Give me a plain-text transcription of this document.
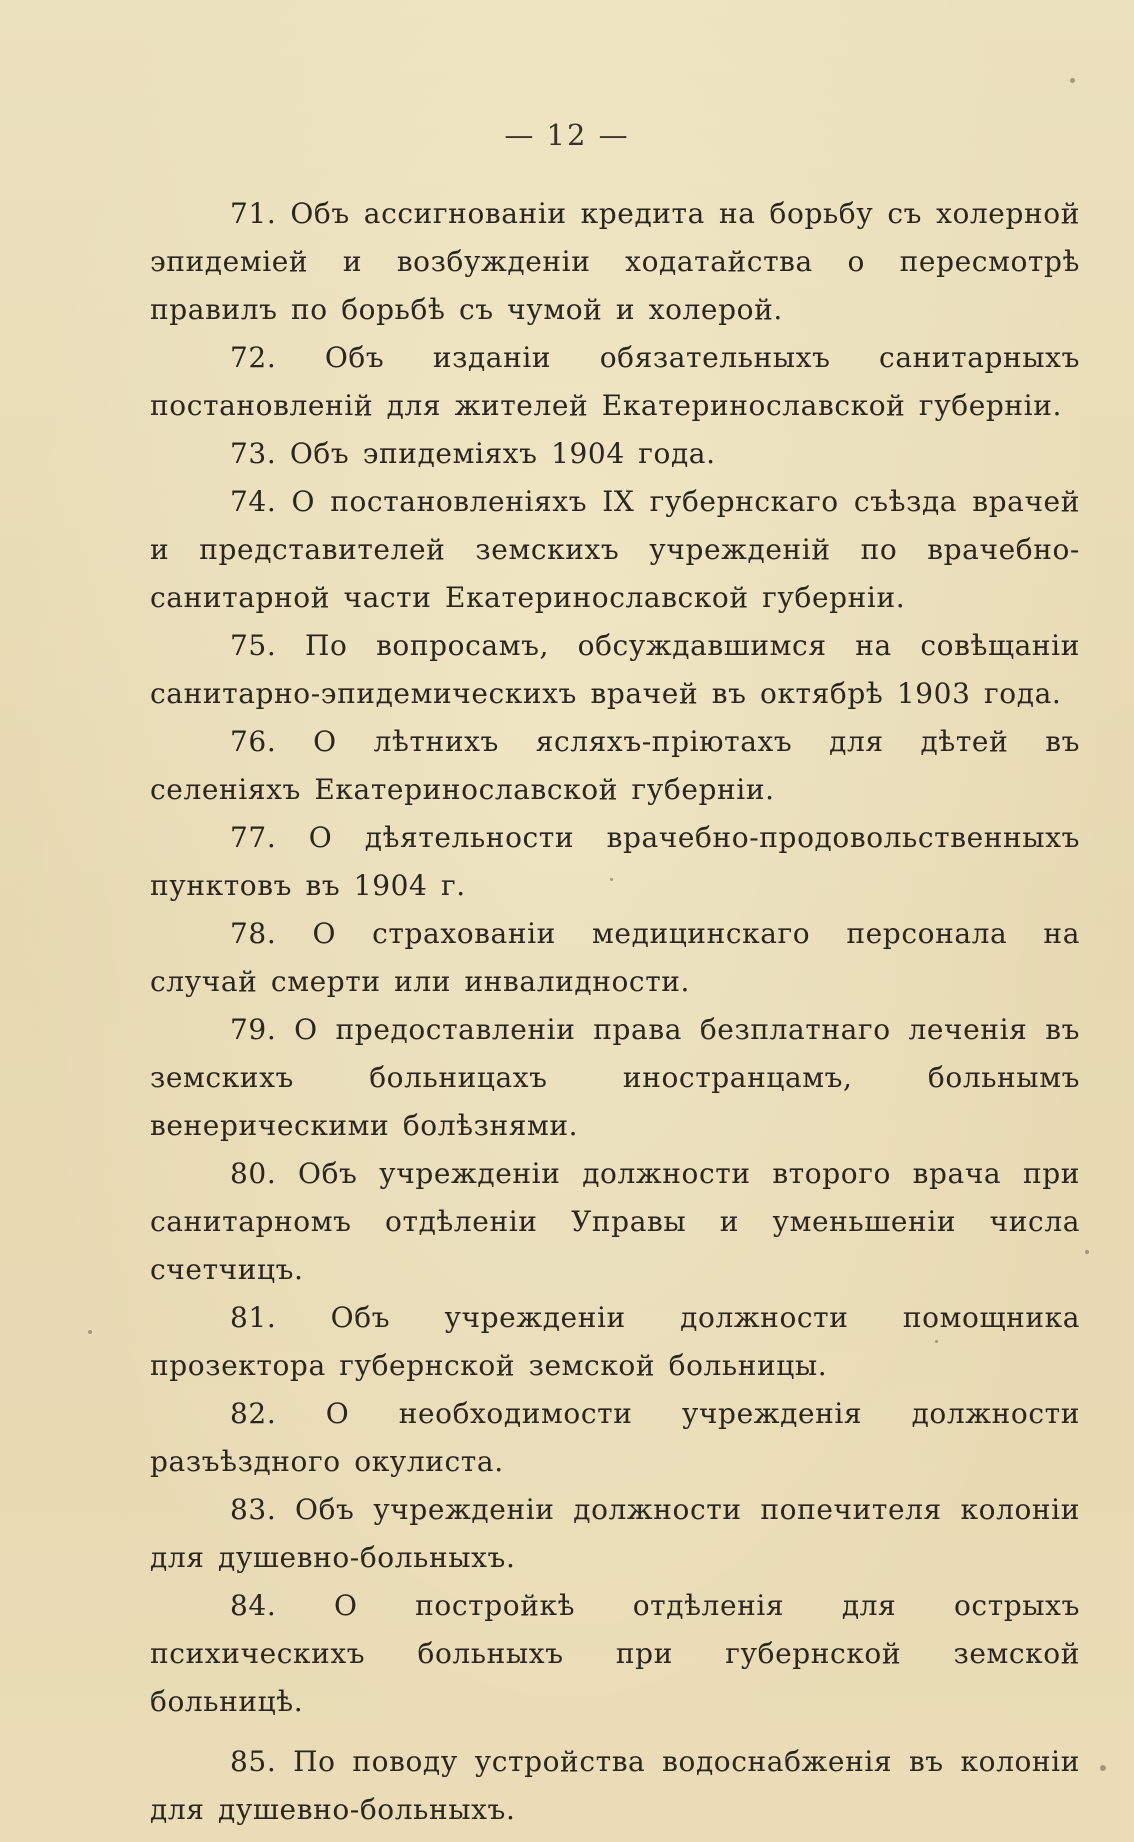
— 12 —

71. Объ ассигнованіи кредита на борьбу съ холерной эпидеміей и возбужденіи ходатайства о пересмотрѣ правилъ по борьбѣ съ чумой и холерой.

72. Объ изданіи обязательныхъ санитарныхъ постановленій для жителей Екатеринославской губерніи.

73. Объ эпидеміяхъ 1904 года.

74. О постановленіяхъ IX губернскаго съѣзда врачей и представителей земскихъ учрежденій по врачебно-санитарной части Екатеринославской губерніи.

75. По вопросамъ, обсуждавшимся на совѣщаніи санитарно-эпидемическихъ врачей въ октябрѣ 1903 года.

76. О лѣтнихъ ясляхъ-пріютахъ для дѣтей въ селеніяхъ Екатеринославской губерніи.

77. О дѣятельности врачебно-продовольственныхъ пунктовъ въ 1904 г.

78. О страхованіи медицинскаго персонала на случай смерти или инвалидности.

79. О предоставленіи права безплатнаго леченія въ земскихъ больницахъ иностранцамъ, больнымъ венерическими болѣзнями.

80. Объ учрежденіи должности второго врача при санитарномъ отдѣленіи Управы и уменьшеніи числа счетчицъ.

81. Объ учрежденіи должности помощника прозектора губернской земской больницы.

82. О необходимости учрежденія должности разъѣздного окулиста.

83. Объ учрежденіи должности попечителя колоніи для душевно-больныхъ.

84. О постройкѣ отдѣленія для острыхъ психическихъ больныхъ при губернской земской больницѣ.

85. По поводу устройства водоснабженія въ колоніи для душевно-больныхъ.
